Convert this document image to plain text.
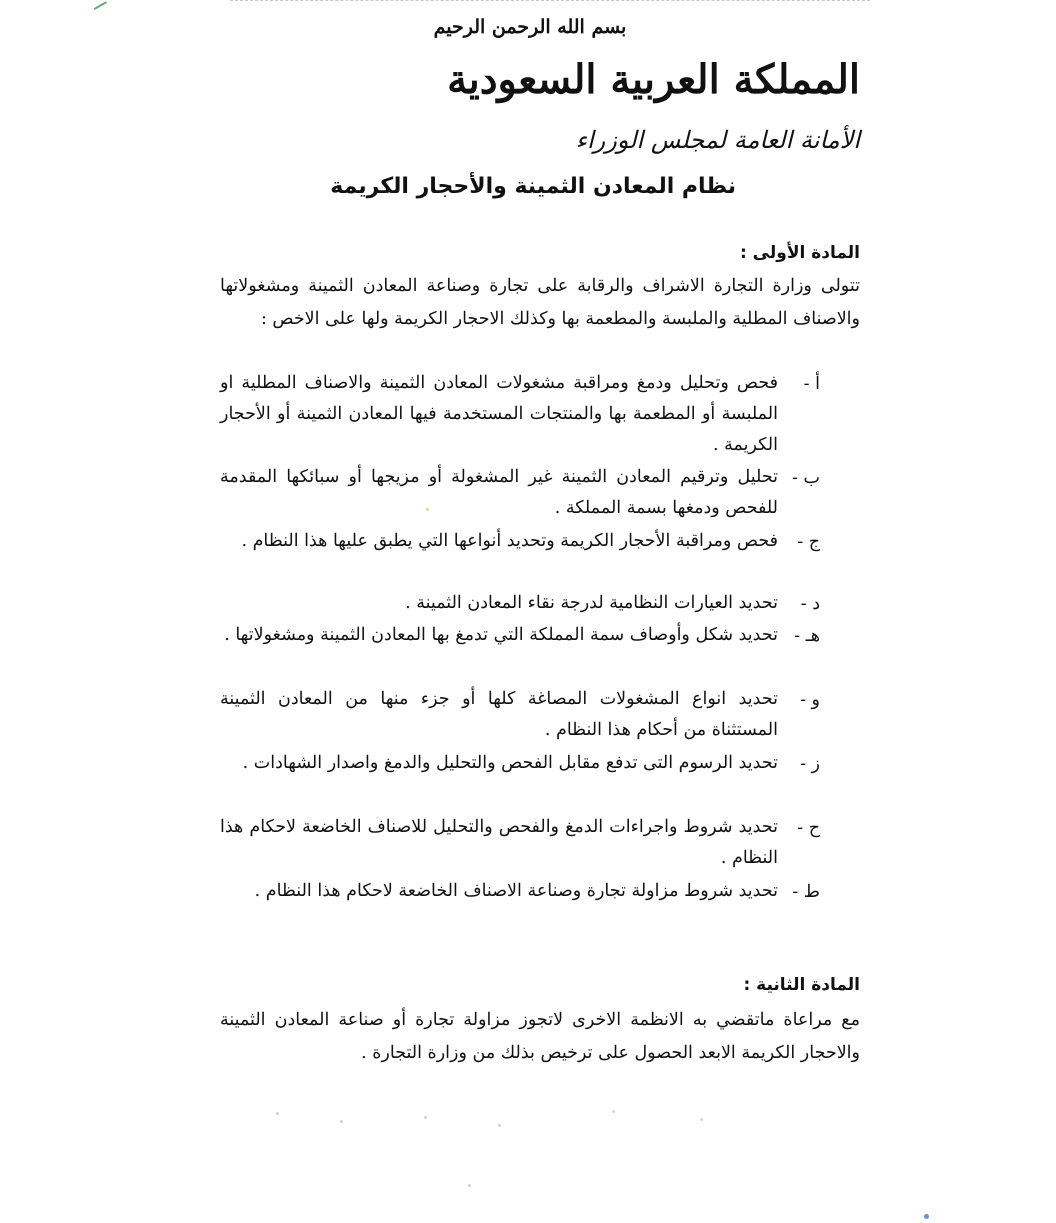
بسم الله الرحمن الرحيم
المملكة العربية السعودية
الأمانة العامة لمجلس الوزراء
نظام المعادن الثمينة والأحجار الكريمة
المادة الأولى :
تتولى وزارة التجارة الاشراف والرقابة على تجارة وصناعة المعادن الثمينة ومشغولاتها والاصناف المطلية والملبسة والمطعمة بها وكذلك الاحجار الكريمة ولها على الاخص :
أ -
فحص وتحليل ودمغ ومراقبة مشغولات المعادن الثمينة والاصناف المطلية او الملبسة أو المطعمة بها والمنتجات المستخدمة فيها المعادن الثمينة أو الأحجار الكريمة .
ب -
تحليل وترقيم المعادن الثمينة غير المشغولة أو مزيجها أو سبائكها المقدمة للفحص ودمغها بسمة المملكة .
ج -
فحص ومراقبة الأحجار الكريمة وتحديد أنواعها التي يطبق عليها هذا النظام .
د -
تحديد العيارات النظامية لدرجة نقاء المعادن الثمينة .
هـ -
تحديد شكل وأوصاف سمة المملكة التي تدمغ بها المعادن الثمينة ومشغولاتها .
و -
تحديد انواع المشغولات المصاغة كلها أو جزء منها من المعادن الثمينة المستثناة من أحكام هذا النظام .
ز -
تحديد الرسوم التى تدفع مقابل الفحص والتحليل والدمغ واصدار الشهادات .
ح -
تحديد شروط واجراءات الدمغ والفحص والتحليل للاصناف الخاضعة لاحكام هذا النظام .
ط -
تحديد شروط مزاولة تجارة وصناعة الاصناف الخاضعة لاحكام هذا النظام .
المادة الثانية :
مع مراعاة ماتقضي به الانظمة الاخرى لاتجوز مزاولة تجارة أو صناعة المعادن الثمينة والاحجار الكريمة الابعد الحصول على ترخيص بذلك من وزارة التجارة .
